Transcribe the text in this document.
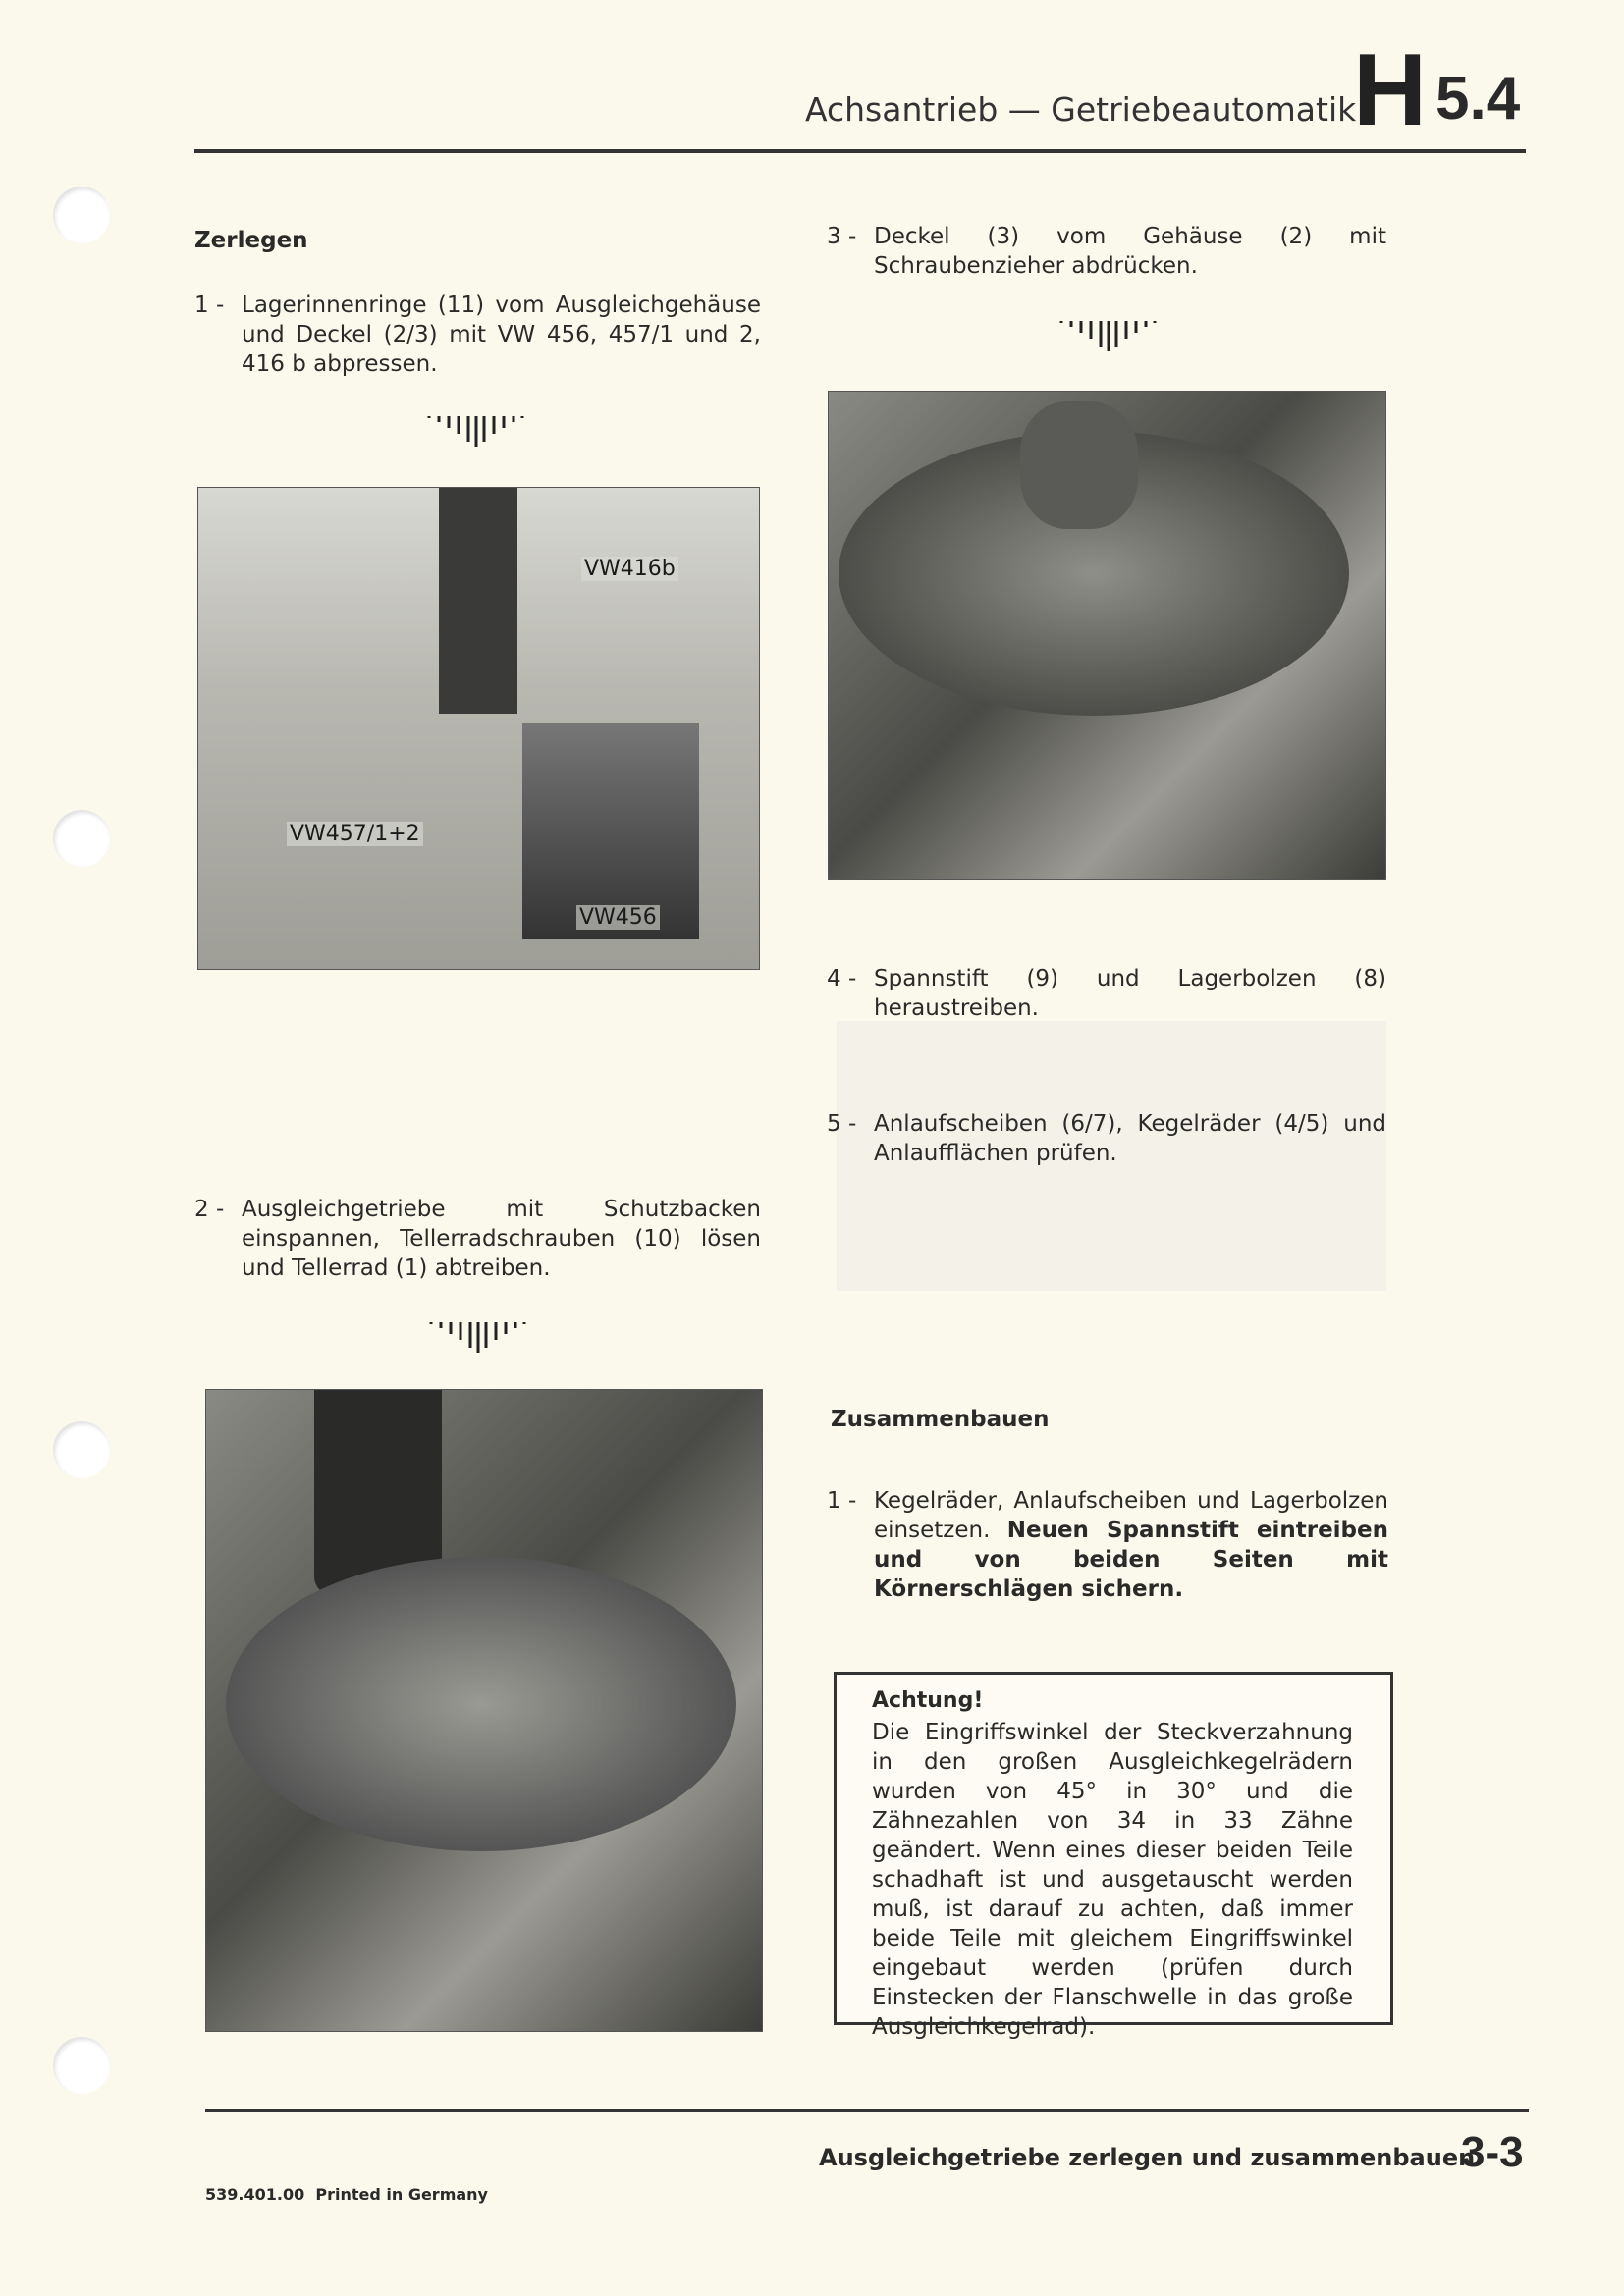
Achsantrieb — Getriebeautomatik
H 5.4
Zerlegen
1 - Lagerinnenringe (11) vom Ausgleichgehäuse und Deckel (2/3) mit VW 456, 457/1 und 2, 416 b abpressen.
VW416b
VW457/1+2
VW456
2 - Ausgleichgetriebe mit Schutzbacken einspannen, Tellerradschrauben (10) lösen und Tellerrad (1) abtreiben.
3 - Deckel (3) vom Gehäuse (2) mit Schraubenzieher abdrücken.
4 - Spannstift (9) und Lagerbolzen (8) heraustreiben.
5 - Anlaufscheiben (6/7), Kegelräder (4/5) und Anlaufflächen prüfen.
Zusammenbauen
1 - Kegelräder, Anlaufscheiben und Lagerbolzen einsetzen. Neuen Spannstift eintreiben und von beiden Seiten mit Körnerschlägen sichern.
Achtung!
Die Eingriffswinkel der Steckverzahnung in den großen Ausgleichkegelrädern wurden von 45° in 30° und die Zähnezahlen von 34 in 33 Zähne geändert. Wenn eines dieser beiden Teile schadhaft ist und ausgetauscht werden muß, ist darauf zu achten, daß immer beide Teile mit gleichem Eingriffswinkel eingebaut werden (prüfen durch Einstecken der Flanschwelle in das große Ausgleichkegelrad).
Ausgleichgetriebe zerlegen und zusammenbauen
3-3
539.401.00  Printed in Germany
